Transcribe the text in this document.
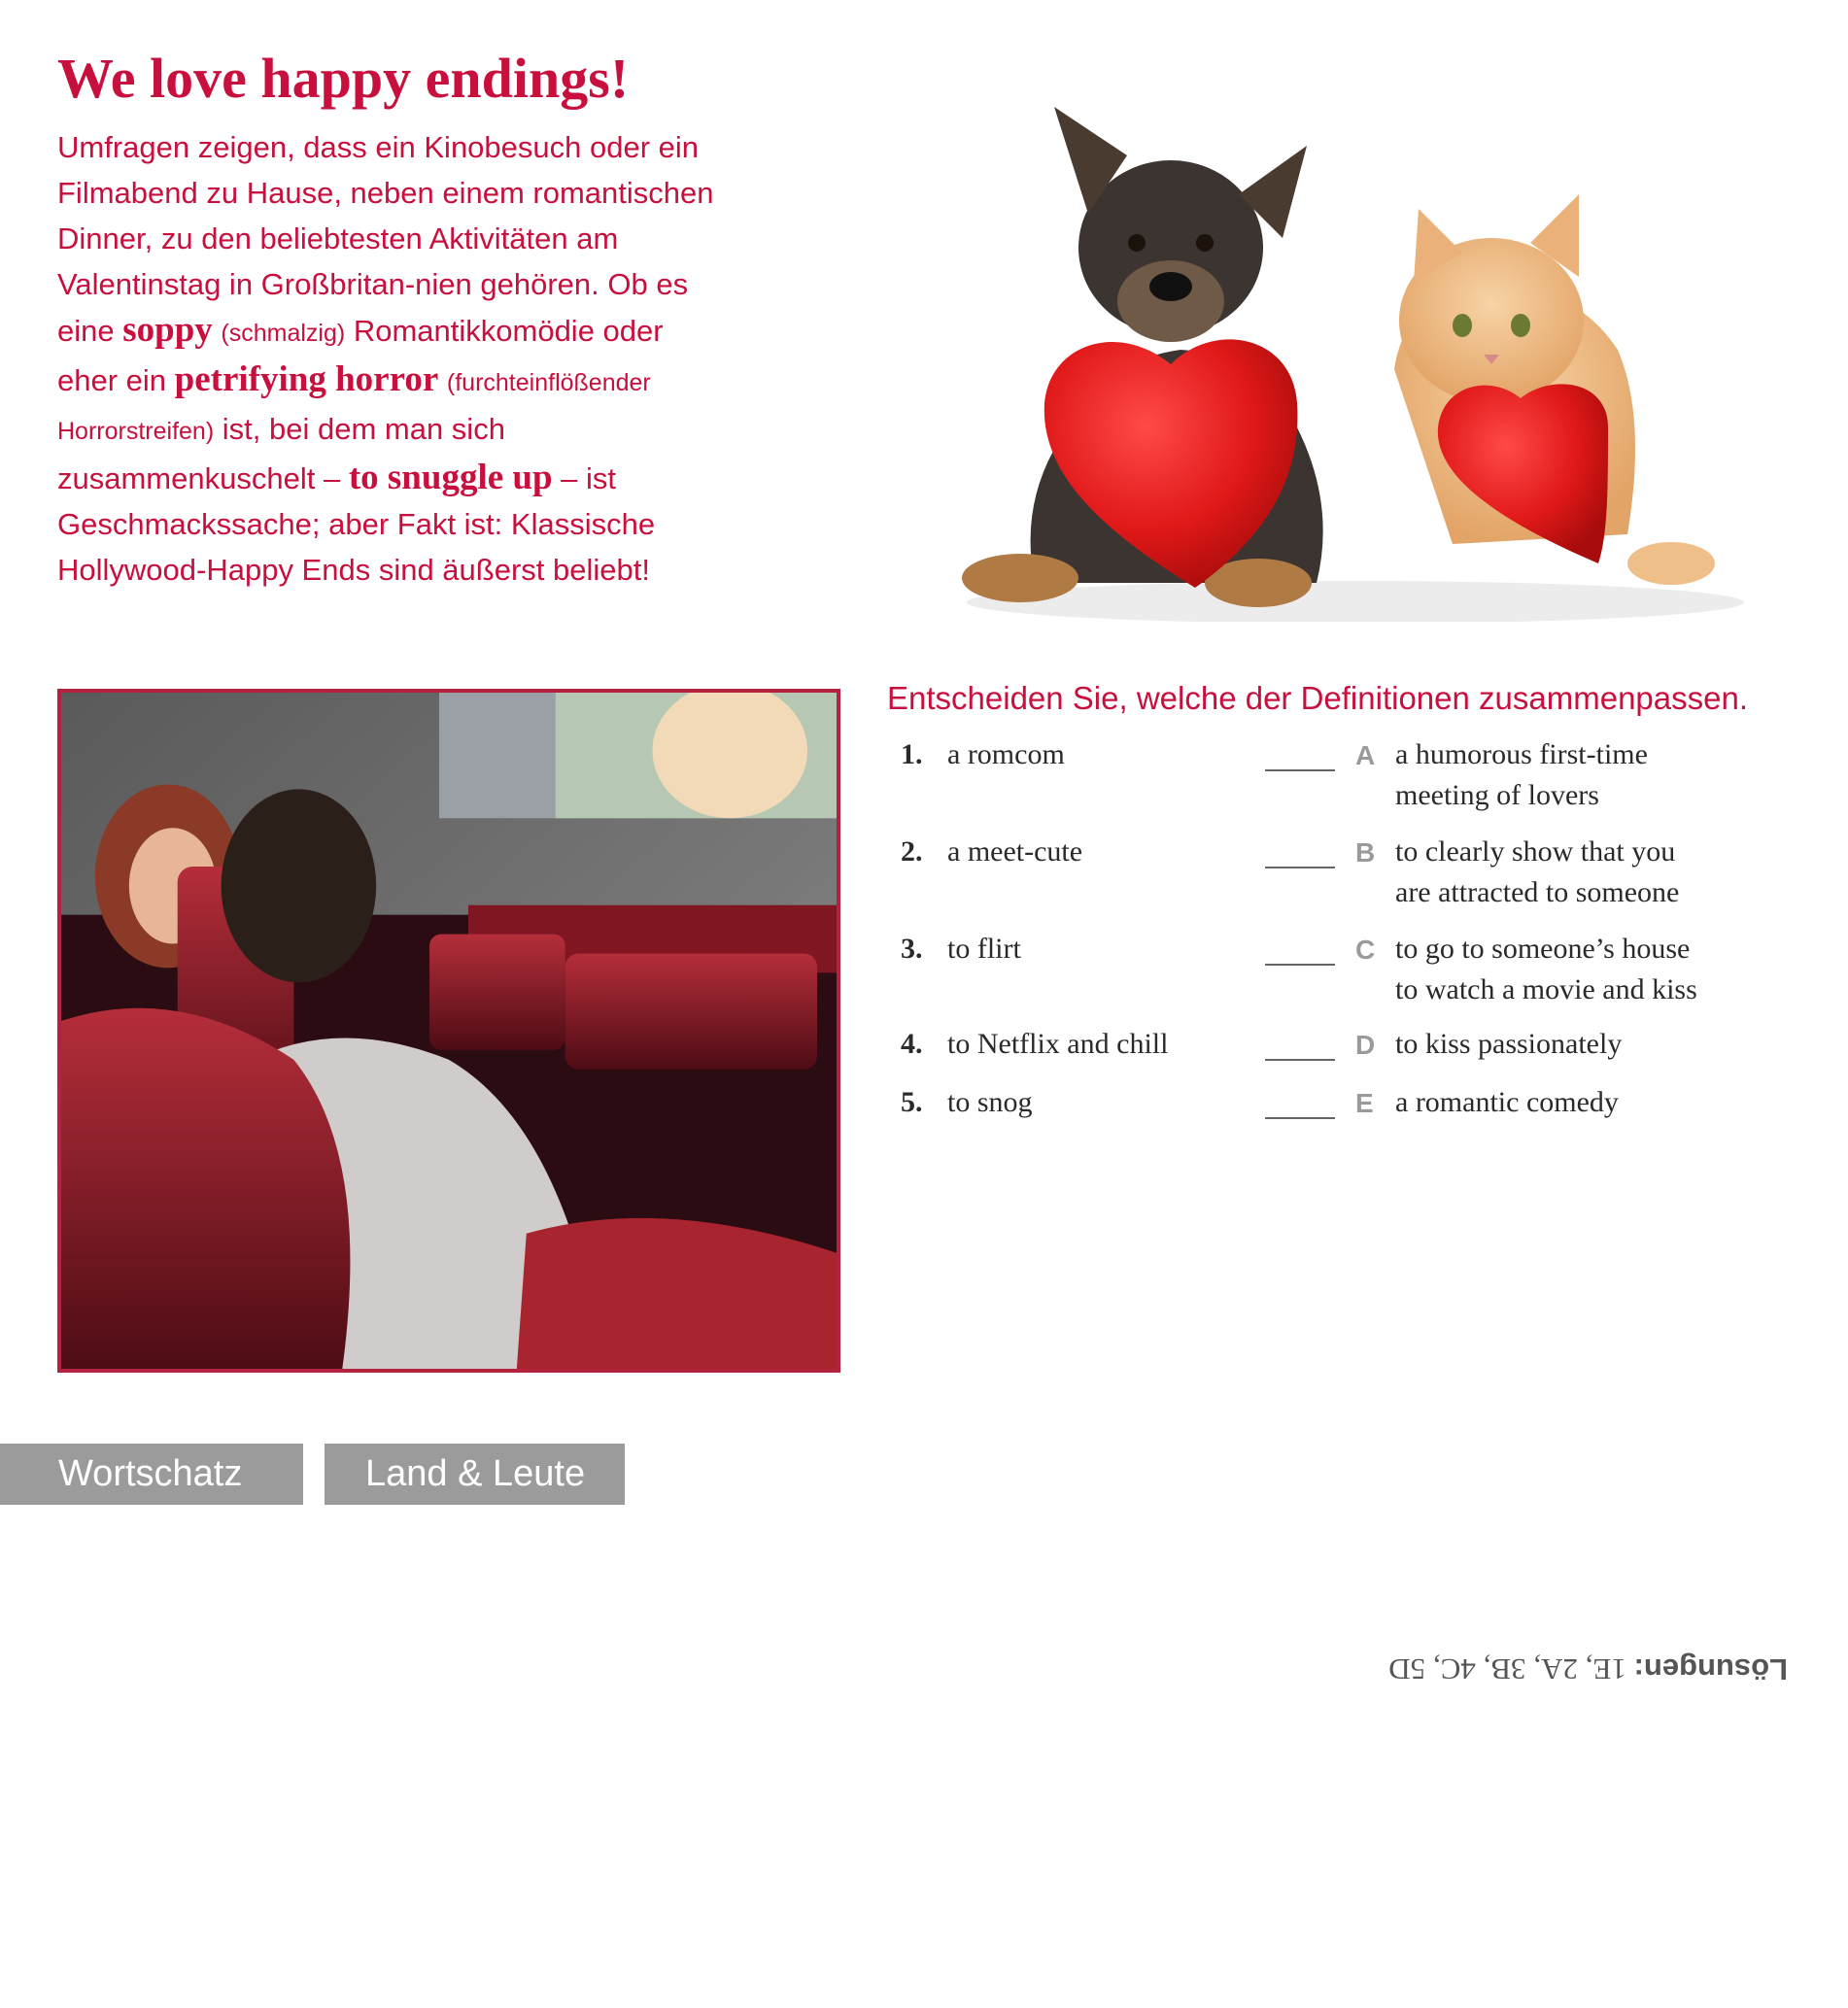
We love happy endings!
Umfragen zeigen, dass ein Kinobesuch oder ein Filmabend zu Hause, neben einem romantischen Dinner, zu den beliebtesten Aktivitäten am Valentinstag in Großbritan-nien gehören. Ob es eine soppy (schmalzig) Romantikkomödie oder eher ein petrifying horror (furchteinflößender Horrorstreifen) ist, bei dem man sich zusammenkuschelt – to snuggle up – ist Geschmackssache; aber Fakt ist: Klassische Hollywood-Happy Ends sind äußerst beliebt!
Entscheiden Sie, welche der Definitionen zusammenpassen.
1. a romcom	A a humorous first-time
meeting of lovers
2. a meet-cute	B to clearly show that you
are attracted to someone
3. to flirt	C to go to someone’s house
to watch a movie and kiss
4. to Netflix and chill	D to kiss passionately
5. to snog	E a romantic comedy
Wortschatz	Land & Leute
Lösungen: 1E, 2A, 3B, 4C, 5D
